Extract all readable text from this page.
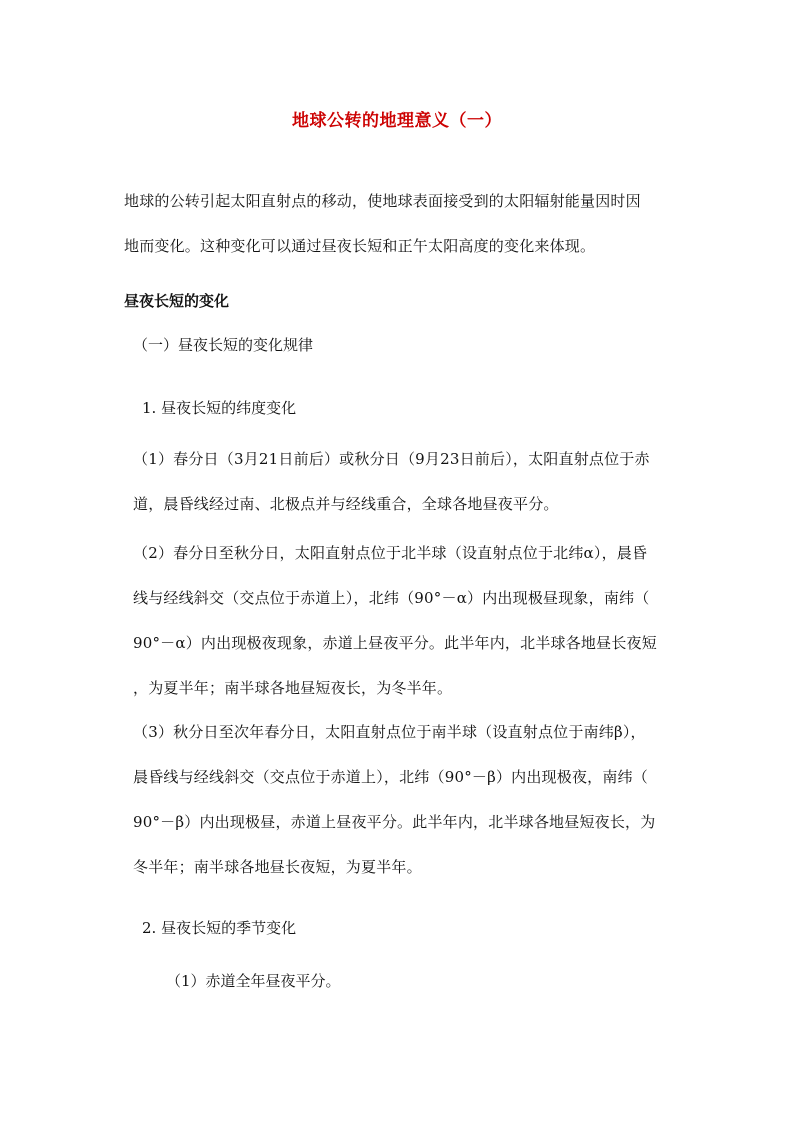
地球公转的地理意义（一）
地球的公转引起太阳直射点的移动，使地球表面接受到的太阳辐射能量因时因
地而变化。这种变化可以通过昼夜长短和正午太阳高度的变化来体现。
昼夜长短的变化
（一）昼夜长短的变化规律
1. 昼夜长短的纬度变化
（1）春分日（3月21日前后）或秋分日（9月23日前后），太阳直射点位于赤
道，晨昏线经过南、北极点并与经线重合，全球各地昼夜平分。
（2）春分日至秋分日，太阳直射点位于北半球（设直射点位于北纬α），晨昏
线与经线斜交（交点位于赤道上），北纬（90°－α）内出现极昼现象，南纬（
90°－α）内出现极夜现象，赤道上昼夜平分。此半年内，北半球各地昼长夜短
，为夏半年；南半球各地昼短夜长，为冬半年。
（3）秋分日至次年春分日，太阳直射点位于南半球（设直射点位于南纬β），
晨昏线与经线斜交（交点位于赤道上），北纬（90°－β）内出现极夜，南纬（
90°－β）内出现极昼，赤道上昼夜平分。此半年内，北半球各地昼短夜长，为
冬半年；南半球各地昼长夜短，为夏半年。
2. 昼夜长短的季节变化
（1）赤道全年昼夜平分。
